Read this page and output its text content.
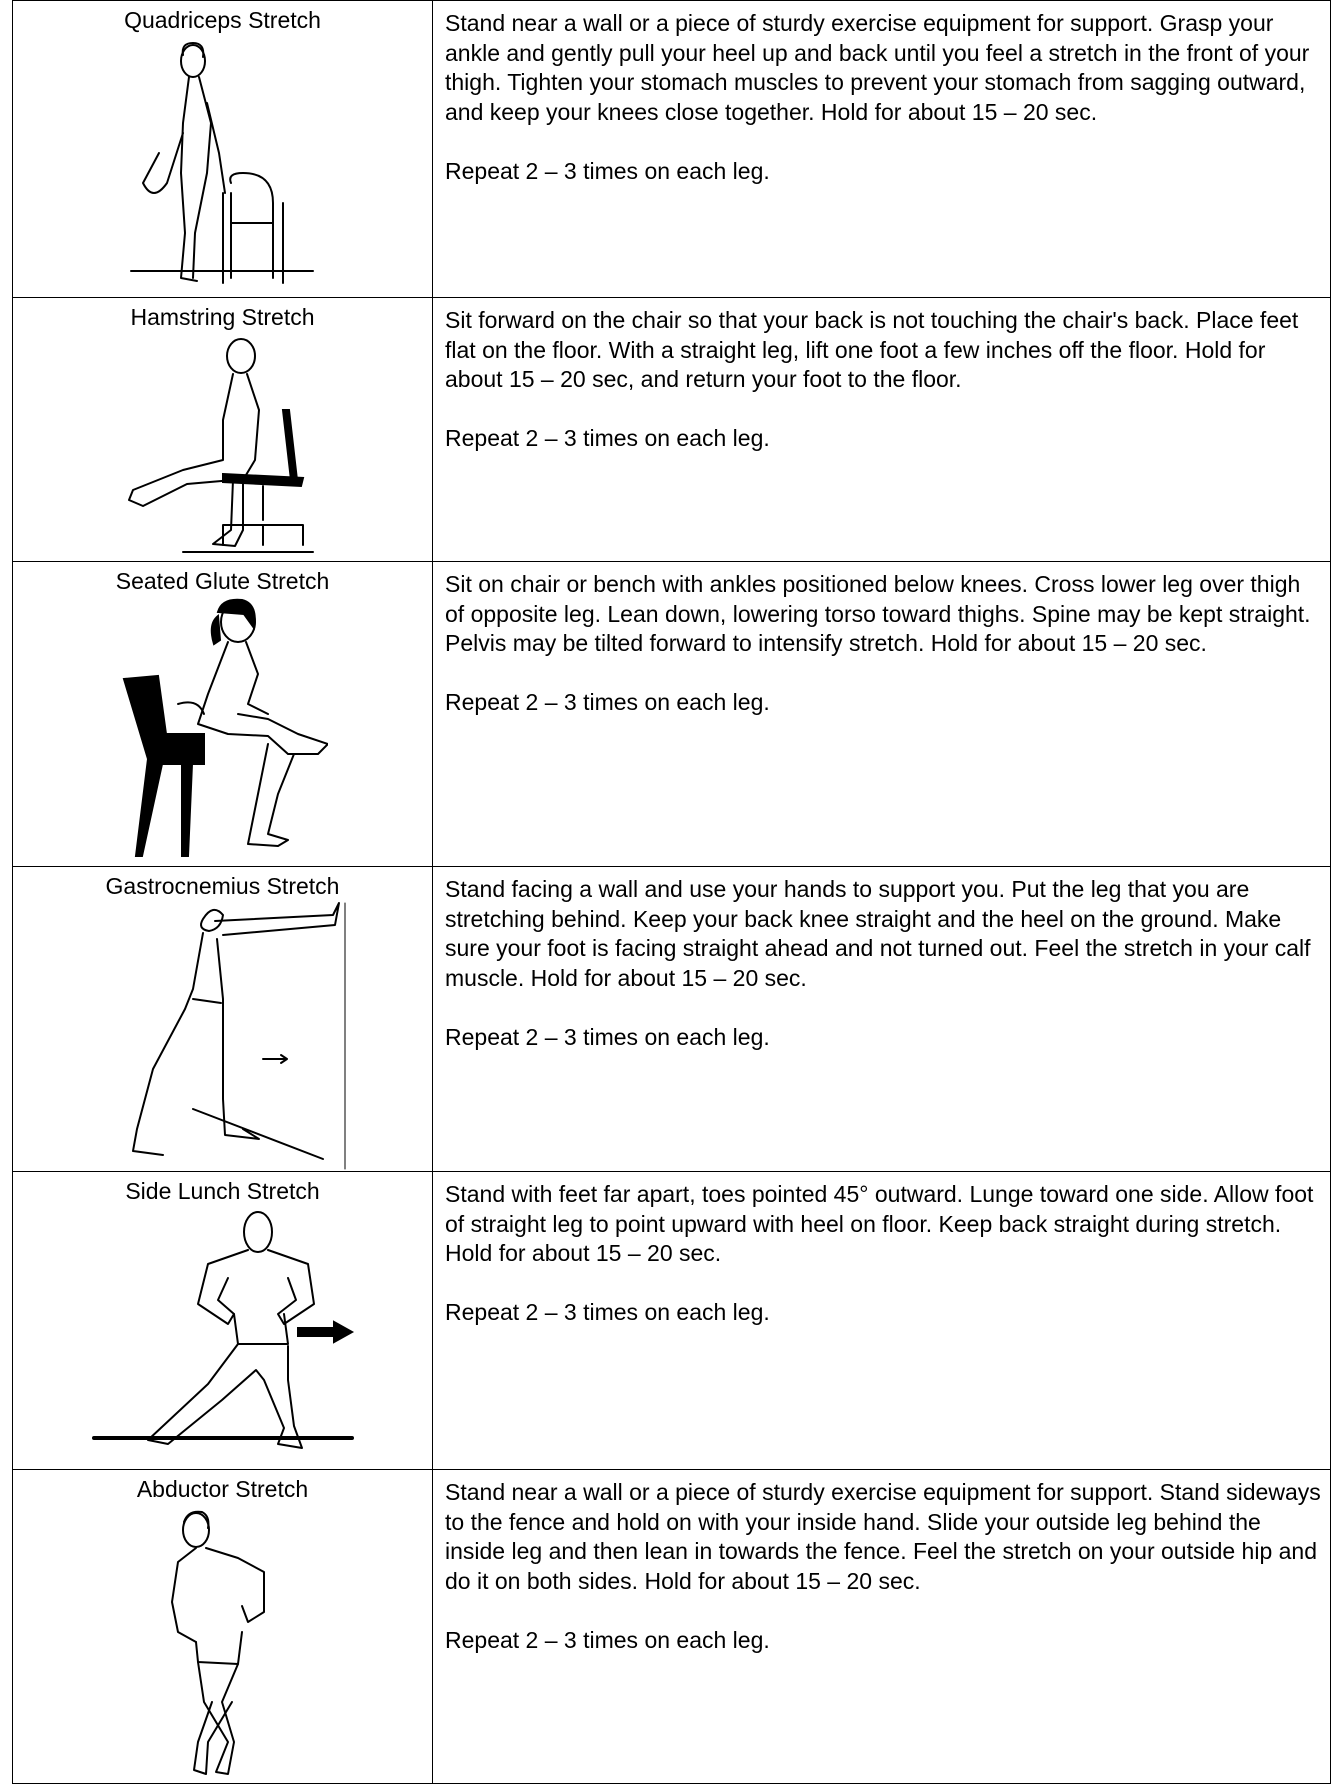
Quadriceps Stretch	Stand near a wall or a piece of sturdy exercise equipment for support. Grasp your ankle and gently pull your heel up and back until you feel a stretch in the front of your thigh. Tighten your stomach muscles to prevent your stomach from sagging outward, and keep your knees close together. Hold for about 15 – 20 sec.

Repeat 2 – 3 times on each leg.

Hamstring Stretch	Sit forward on the chair so that your back is not touching the chair's back. Place feet flat on the floor. With a straight leg, lift one foot a few inches off the floor. Hold for about 15 – 20 sec, and return your foot to the floor.

Repeat 2 – 3 times on each leg.

Seated Glute Stretch	Sit on chair or bench with ankles positioned below knees. Cross lower leg over thigh of opposite leg. Lean down, lowering torso toward thighs. Spine may be kept straight. Pelvis may be tilted forward to intensify stretch. Hold for about 15 – 20 sec.

Repeat 2 – 3 times on each leg.

Gastrocnemius Stretch	Stand facing a wall and use your hands to support you. Put the leg that you are stretching behind. Keep your back knee straight and the heel on the ground. Make sure your foot is facing straight ahead and not turned out. Feel the stretch in your calf muscle. Hold for about 15 – 20 sec.

Repeat 2 – 3 times on each leg.

Side Lunch Stretch	Stand with feet far apart, toes pointed 45° outward. Lunge toward one side. Allow foot of straight leg to point upward with heel on floor. Keep back straight during stretch. Hold for about 15 – 20 sec.

Repeat 2 – 3 times on each leg.

Abductor Stretch	Stand near a wall or a piece of sturdy exercise equipment for support. Stand sideways to the fence and hold on with your inside hand. Slide your outside leg behind the inside leg and then lean in towards the fence. Feel the stretch on your outside hip and do it on both sides. Hold for about 15 – 20 sec.

Repeat 2 – 3 times on each leg.
